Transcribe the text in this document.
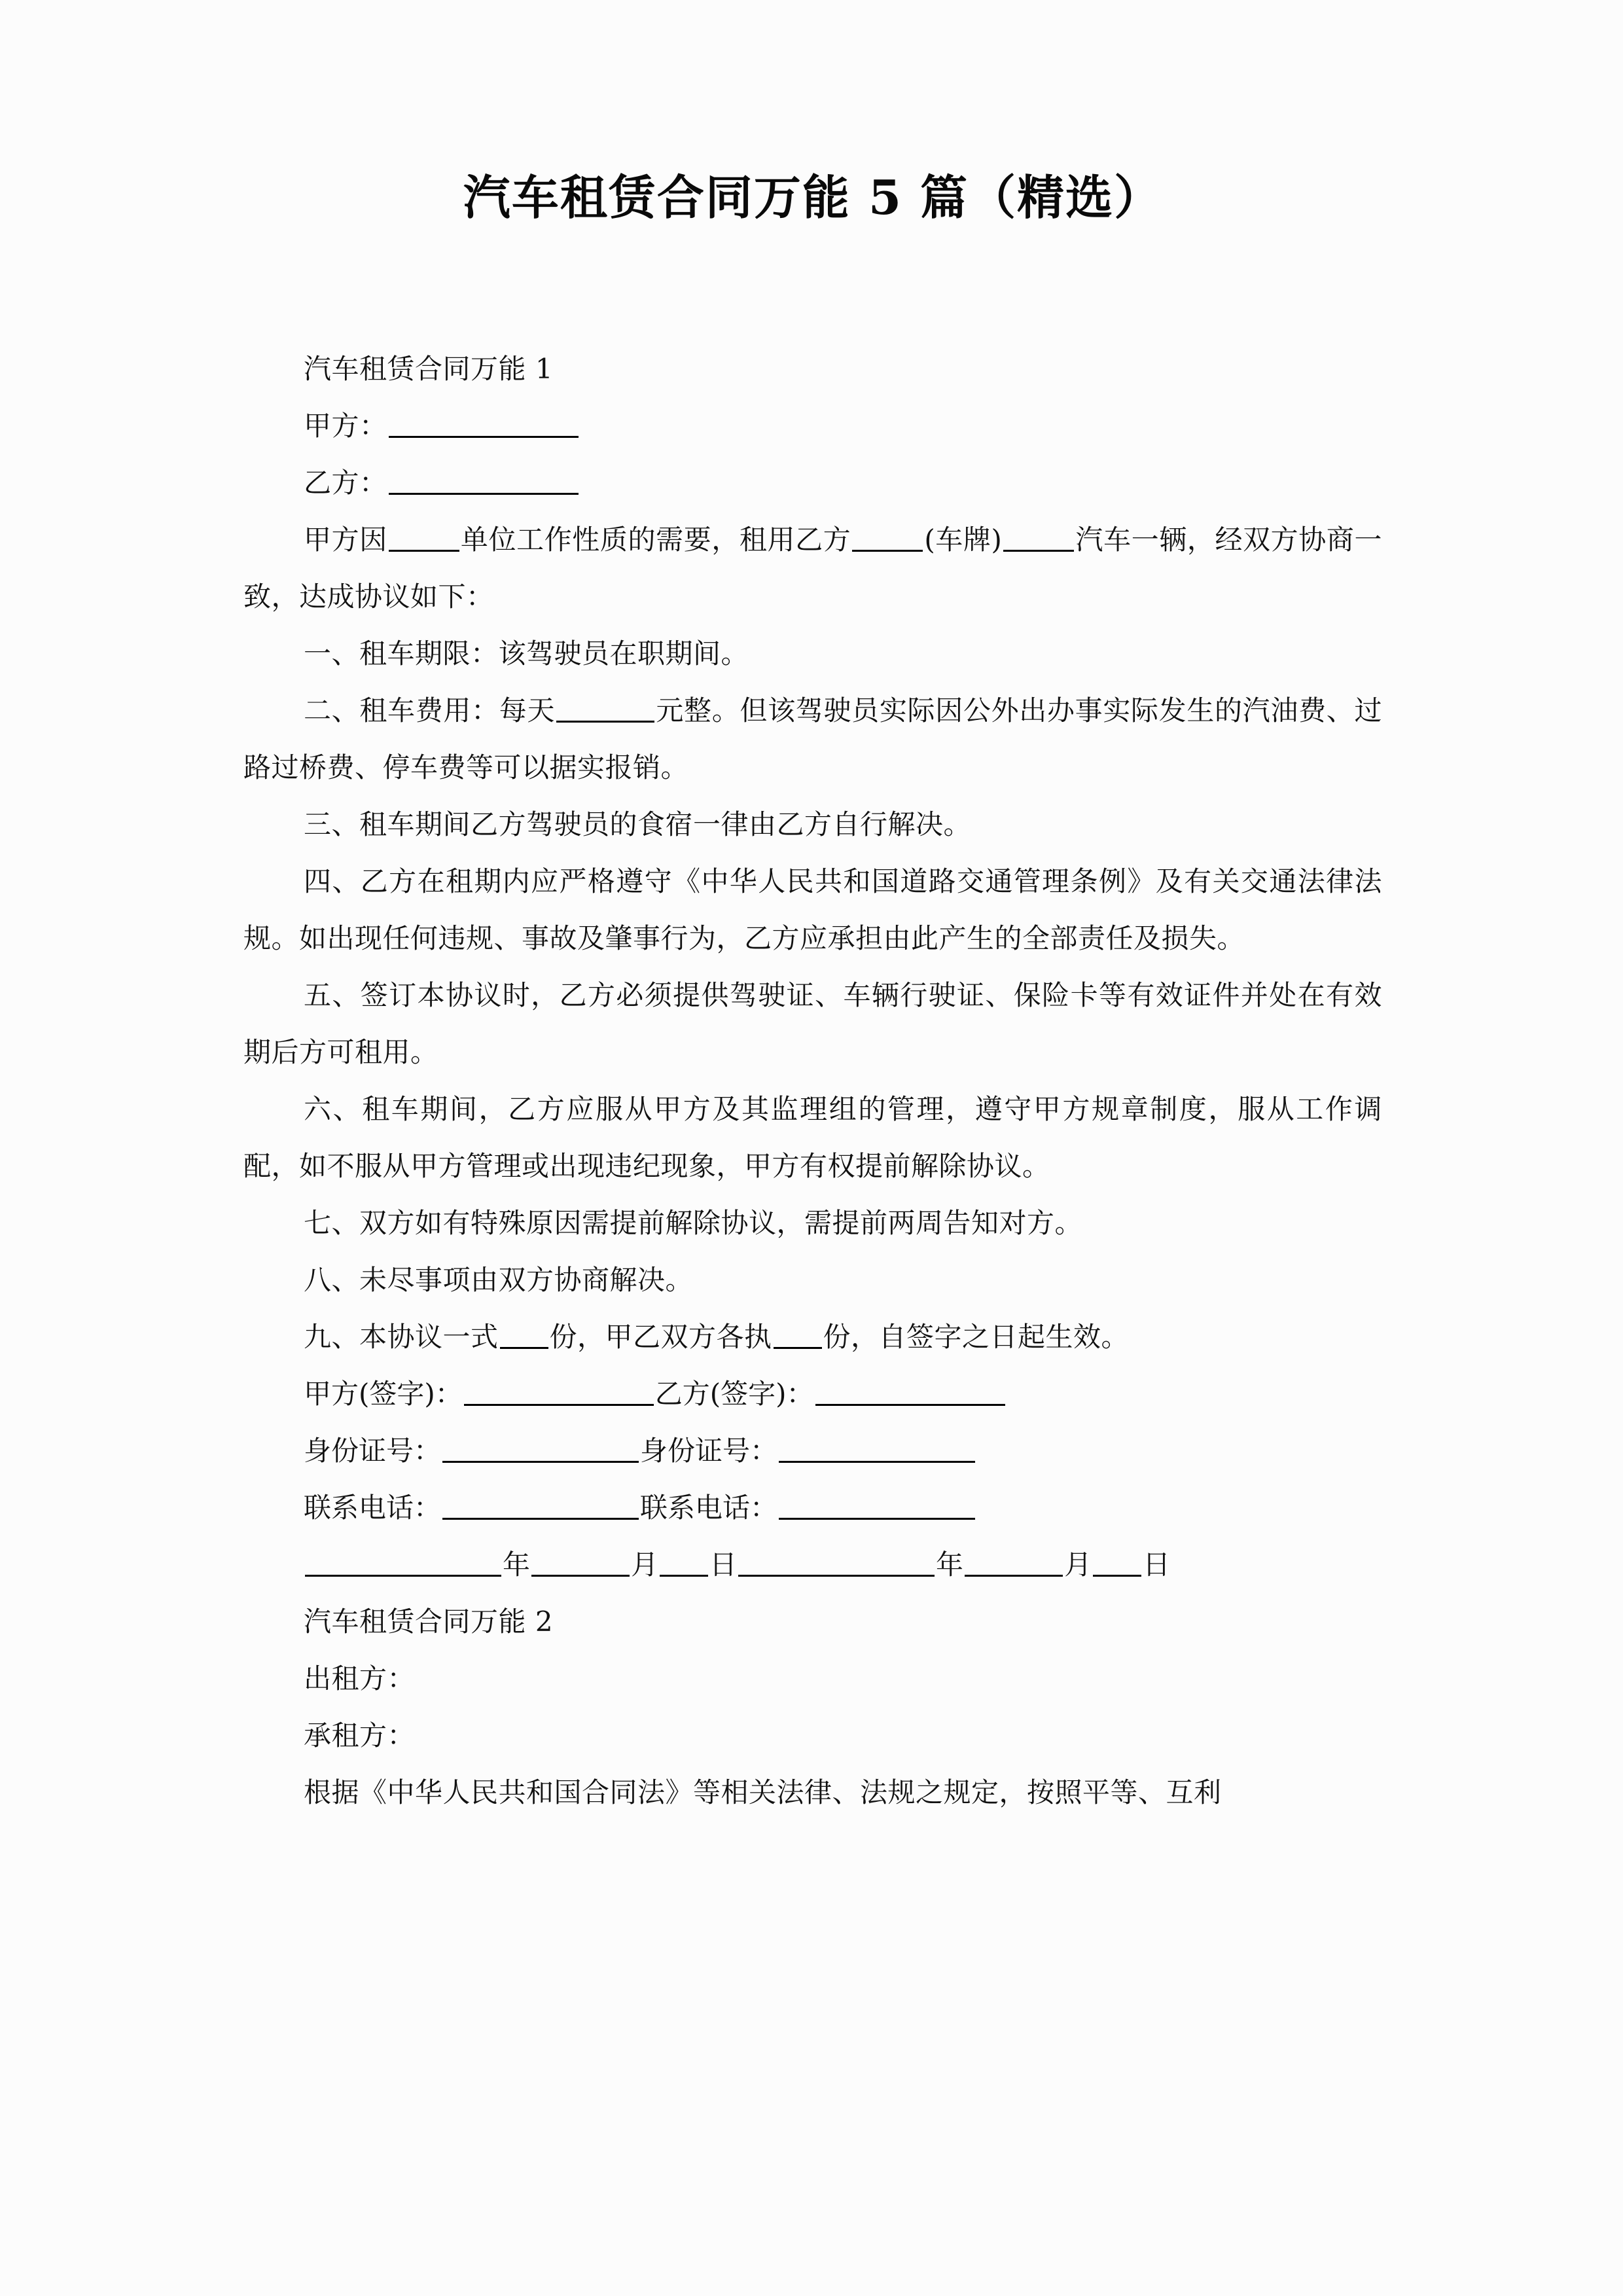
汽车租赁合同万能 5 篇（精选）

汽车租赁合同万能 1

甲方：

乙方：

甲方因	单位工作性质的需要，租用乙方	(车牌)	汽车一辆，经双方协商一致，达成协议如下：

一、租车期限：该驾驶员在职期间。

二、租车费用：每天	元整。但该驾驶员实际因公外出办事实际发生的汽油费、过路过桥费、停车费等可以据实报销。

三、租车期间乙方驾驶员的食宿一律由乙方自行解决。

四、乙方在租期内应严格遵守《中华人民共和国道路交通管理条例》及有关交通法律法规。如出现任何违规、事故及肇事行为，乙方应承担由此产生的全部责任及损失。

五、签订本协议时，乙方必须提供驾驶证、车辆行驶证、保险卡等有效证件并处在有效期后方可租用。

六、租车期间，乙方应服从甲方及其监理组的管理，遵守甲方规章制度，服从工作调配，如不服从甲方管理或出现违纪现象，甲方有权提前解除协议。

七、双方如有特殊原因需提前解除协议，需提前两周告知对方。

八、未尽事项由双方协商解决。

九、本协议一式 份，甲乙双方各执 份，自签字之日起生效。

甲方(签字)：	乙方(签字)：
身份证号：	身份证号：
联系电话：	联系电话：
年	月 日	年	月 日

汽车租赁合同万能 2

出租方：

承租方：

根据《中华人民共和国合同法》等相关法律、法规之规定，按照平等、互利
